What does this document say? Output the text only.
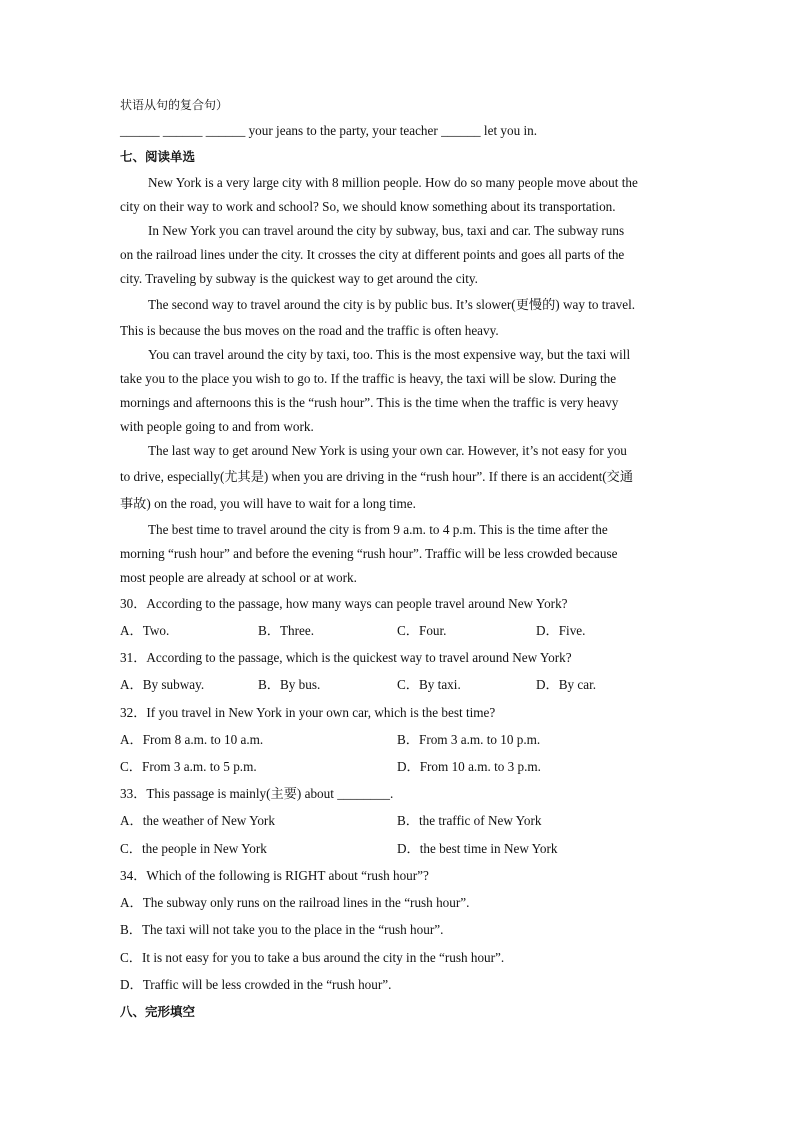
状语从句的复合句）
______ ______ ______ your jeans to the party, your teacher ______ let you in.
七、阅读单选
New York is a very large city with 8 million people. How do so many people move about the
city on their way to work and school? So, we should know something about its transportation.
In New York you can travel around the city by subway, bus, taxi and car. The subway runs
on the railroad lines under the city. It crosses the city at different points and goes all parts of the
city. Traveling by subway is the quickest way to get around the city.
The second way to travel around the city is by public bus. It’s slower(更慢的) way to travel.
This is because the bus moves on the road and the traffic is often heavy.
You can travel around the city by taxi, too. This is the most expensive way, but the taxi will
take you to the place you wish to go to. If the traffic is heavy, the taxi will be slow. During the
mornings and afternoons this is the “rush hour”. This is the time when the traffic is very heavy
with people going to and from work.
The last way to get around New York is using your own car. However, it’s not easy for you
to drive, especially(尤其是) when you are driving in the “rush hour”. If there is an accident(交通
事故) on the road, you will have to wait for a long time.
The best time to travel around the city is from 9 a.m. to 4 p.m. This is the time after the
morning “rush hour” and before the evening “rush hour”. Traffic will be less crowded because
most people are already at school or at work.
30．According to the passage, how many ways can people travel around New York?
A．Two.	B．Three.	C．Four.	D．Five.
31．According to the passage, which is the quickest way to travel around New York?
A．By subway.	B．By bus.	C．By taxi.	D．By car.
32．If you travel in New York in your own car, which is the best time?
A．From 8 a.m. to 10 a.m.	B．From 3 a.m. to 10 p.m.
C．From 3 a.m. to 5 p.m.	D．From 10 a.m. to 3 p.m.
33．This passage is mainly(主要) about ________.
A．the weather of New York	B．the traffic of New York
C．the people in New York	D．the best time in New York
34．Which of the following is RIGHT about “rush hour”?
A．The subway only runs on the railroad lines in the “rush hour”.
B．The taxi will not take you to the place in the “rush hour”.
C．It is not easy for you to take a bus around the city in the “rush hour”.
D．Traffic will be less crowded in the “rush hour”.
八、完形填空
